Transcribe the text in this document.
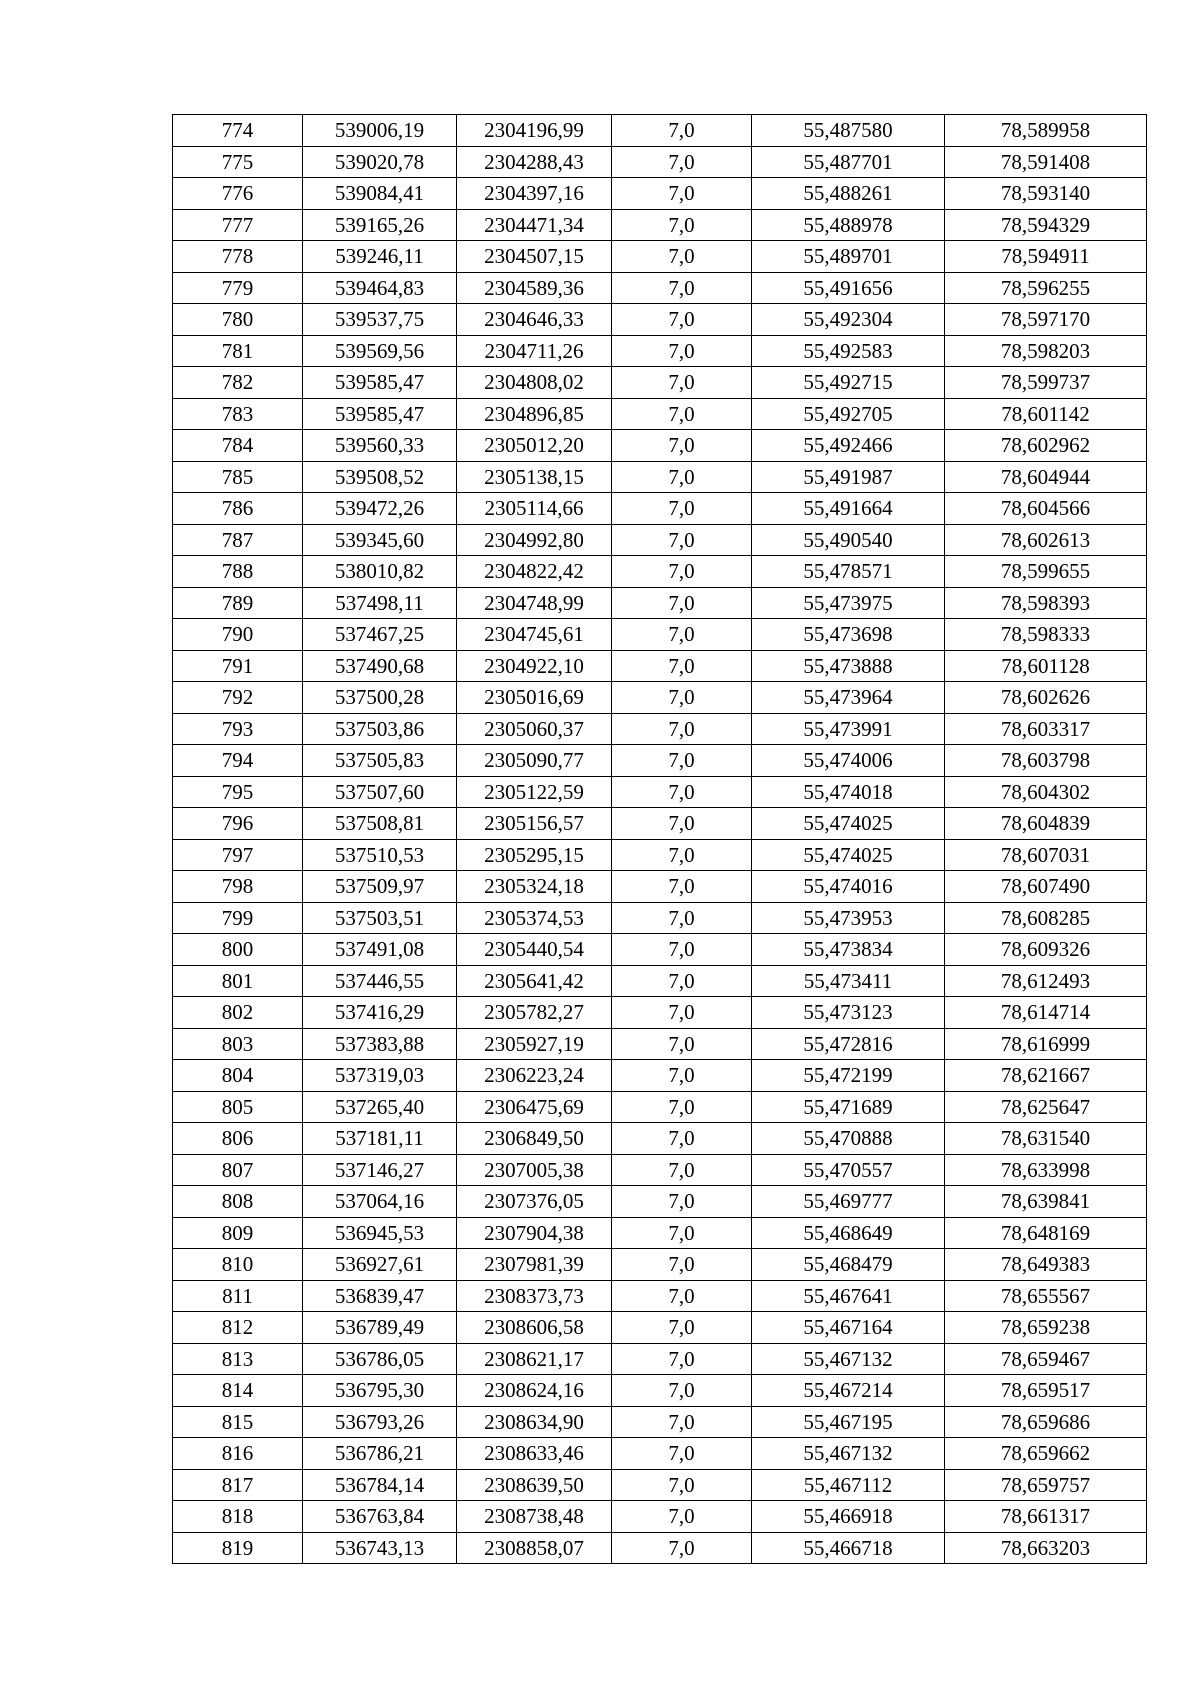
774	539006,19	2304196,99	7,0	55,487580	78,589958
775	539020,78	2304288,43	7,0	55,487701	78,591408
776	539084,41	2304397,16	7,0	55,488261	78,593140
777	539165,26	2304471,34	7,0	55,488978	78,594329
778	539246,11	2304507,15	7,0	55,489701	78,594911
779	539464,83	2304589,36	7,0	55,491656	78,596255
780	539537,75	2304646,33	7,0	55,492304	78,597170
781	539569,56	2304711,26	7,0	55,492583	78,598203
782	539585,47	2304808,02	7,0	55,492715	78,599737
783	539585,47	2304896,85	7,0	55,492705	78,601142
784	539560,33	2305012,20	7,0	55,492466	78,602962
785	539508,52	2305138,15	7,0	55,491987	78,604944
786	539472,26	2305114,66	7,0	55,491664	78,604566
787	539345,60	2304992,80	7,0	55,490540	78,602613
788	538010,82	2304822,42	7,0	55,478571	78,599655
789	537498,11	2304748,99	7,0	55,473975	78,598393
790	537467,25	2304745,61	7,0	55,473698	78,598333
791	537490,68	2304922,10	7,0	55,473888	78,601128
792	537500,28	2305016,69	7,0	55,473964	78,602626
793	537503,86	2305060,37	7,0	55,473991	78,603317
794	537505,83	2305090,77	7,0	55,474006	78,603798
795	537507,60	2305122,59	7,0	55,474018	78,604302
796	537508,81	2305156,57	7,0	55,474025	78,604839
797	537510,53	2305295,15	7,0	55,474025	78,607031
798	537509,97	2305324,18	7,0	55,474016	78,607490
799	537503,51	2305374,53	7,0	55,473953	78,608285
800	537491,08	2305440,54	7,0	55,473834	78,609326
801	537446,55	2305641,42	7,0	55,473411	78,612493
802	537416,29	2305782,27	7,0	55,473123	78,614714
803	537383,88	2305927,19	7,0	55,472816	78,616999
804	537319,03	2306223,24	7,0	55,472199	78,621667
805	537265,40	2306475,69	7,0	55,471689	78,625647
806	537181,11	2306849,50	7,0	55,470888	78,631540
807	537146,27	2307005,38	7,0	55,470557	78,633998
808	537064,16	2307376,05	7,0	55,469777	78,639841
809	536945,53	2307904,38	7,0	55,468649	78,648169
810	536927,61	2307981,39	7,0	55,468479	78,649383
811	536839,47	2308373,73	7,0	55,467641	78,655567
812	536789,49	2308606,58	7,0	55,467164	78,659238
813	536786,05	2308621,17	7,0	55,467132	78,659467
814	536795,30	2308624,16	7,0	55,467214	78,659517
815	536793,26	2308634,90	7,0	55,467195	78,659686
816	536786,21	2308633,46	7,0	55,467132	78,659662
817	536784,14	2308639,50	7,0	55,467112	78,659757
818	536763,84	2308738,48	7,0	55,466918	78,661317
819	536743,13	2308858,07	7,0	55,466718	78,663203
